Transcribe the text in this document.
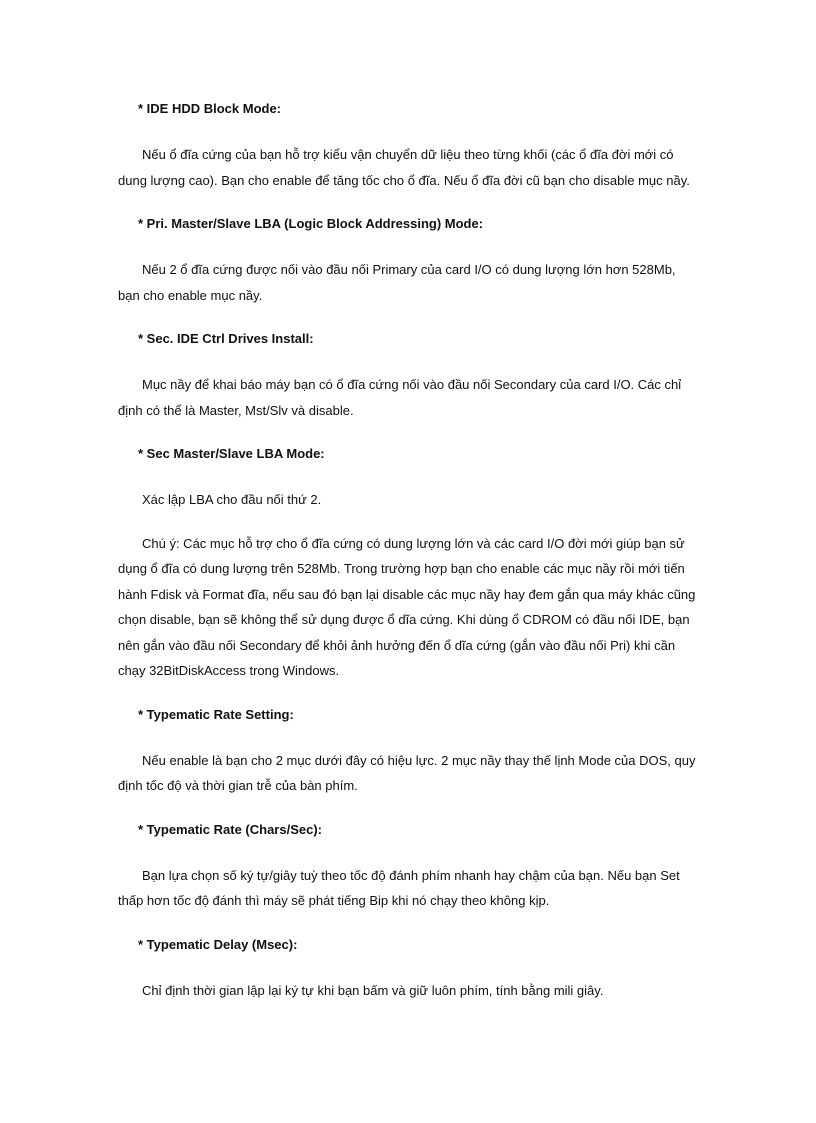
* IDE HDD Block Mode:

Nếu ổ đĩa cứng của bạn hỗ trợ kiểu vận chuyển dữ liệu theo từng khối (các ổ đĩa đời mới có dung lượng cao). Bạn cho enable để tăng tốc cho ổ đĩa. Nếu ổ đĩa đời cũ bạn cho disable mục nầy.

* Pri. Master/Slave LBA (Logic Block Addressing) Mode:

Nếu 2 ổ đĩa cứng được nối vào đầu nối Primary của card I/O có dung lượng lớn hơn 528Mb, bạn cho enable mục nầy.

* Sec. IDE Ctrl Drives Install:

Mục nầy để khai báo máy bạn có ổ đĩa cứng nối vào đầu nối Secondary của card I/O. Các chỉ định có thể là Master, Mst/Slv và disable.

* Sec Master/Slave LBA Mode:

Xác lập LBA cho đầu nối thứ 2.

Chú ý: Các mục hỗ trợ cho ổ đĩa cứng có dung lượng lớn và các card I/O đời mới giúp bạn sử dụng ổ đĩa có dung lượng trên 528Mb. Trong trường hợp bạn cho enable các mục nầy rồi mới tiến hành Fdisk và Format đĩa, nếu sau đó bạn lại disable các mục nầy hay đem gắn qua máy khác cũng chọn disable, bạn sẽ không thể sử dụng được ổ dĩa cứng. Khi dùng ổ CDROM có đầu nối IDE, bạn nên gắn vào đầu nối Secondary để khỏi ảnh hưởng đến ổ dĩa cứng (gắn vào đầu nối Pri) khi cần chạy 32BitDiskAccess trong Windows.

* Typematic Rate Setting:

Nếu enable là bạn cho 2 mục dưới đây có hiệu lực. 2 mục nầy thay thế lịnh Mode của DOS, quy định tốc độ và thời gian trễ của bàn phím.

* Typematic Rate (Chars/Sec):

Bạn lựa chọn số ký tự/giây tuỳ theo tốc độ đánh phím nhanh hay chậm của bạn. Nếu bạn Set thấp hơn tốc độ đánh thì máy sẽ phát tiếng Bip khi nó chạy theo không kịp.

* Typematic Delay (Msec):

Chỉ định thời gian lập lại ký tự khi bạn bấm và giữ luôn phím, tính bằng mili giây.
